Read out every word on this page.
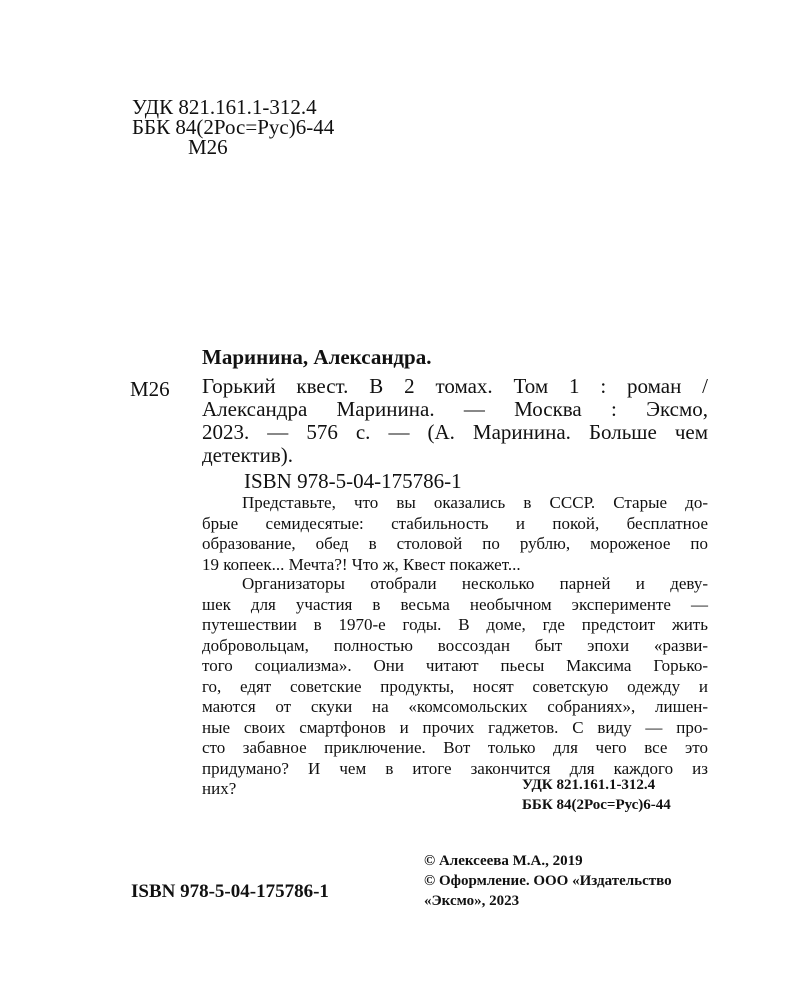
УДК 821.161.1-312.4
ББК 84(2Рос=Рус)6-44
М26
Маринина, Александра.
М26 Горький квест. В 2 томах. Том 1 : роман /
Александра Маринина. — Москва : Эксмо,
2023. — 576 с. — (А. Маринина. Больше чем
детектив).
ISBN 978-5-04-175786-1
Представьте, что вы оказались в СССР. Старые до-
брые семидесятые: стабильность и покой, бесплатное
образование, обед в столовой по рублю, мороженое по
19 копеек... Мечта?! Что ж, Квест покажет...
Организаторы отобрали несколько парней и деву-
шек для участия в весьма необычном эксперименте —
путешествии в 1970-е годы. В доме, где предстоит жить
добровольцам, полностью воссоздан быт эпохи «разви-
того социализма». Они читают пьесы Максима Горько-
го, едят советские продукты, носят советскую одежду и
маются от скуки на «комсомольских собраниях», лишен-
ные своих смартфонов и прочих гаджетов. С виду — про-
сто забавное приключение. Вот только для чего все это
придумано? И чем в итоге закончится для каждого из
них?	УДК 821.161.1-312.4
ББК 84(2Рос=Рус)6-44
© Алексеева М.А., 2019
© Оформление. ООО «Издательство
«Эксмо», 2023
ISBN 978-5-04-175786-1
